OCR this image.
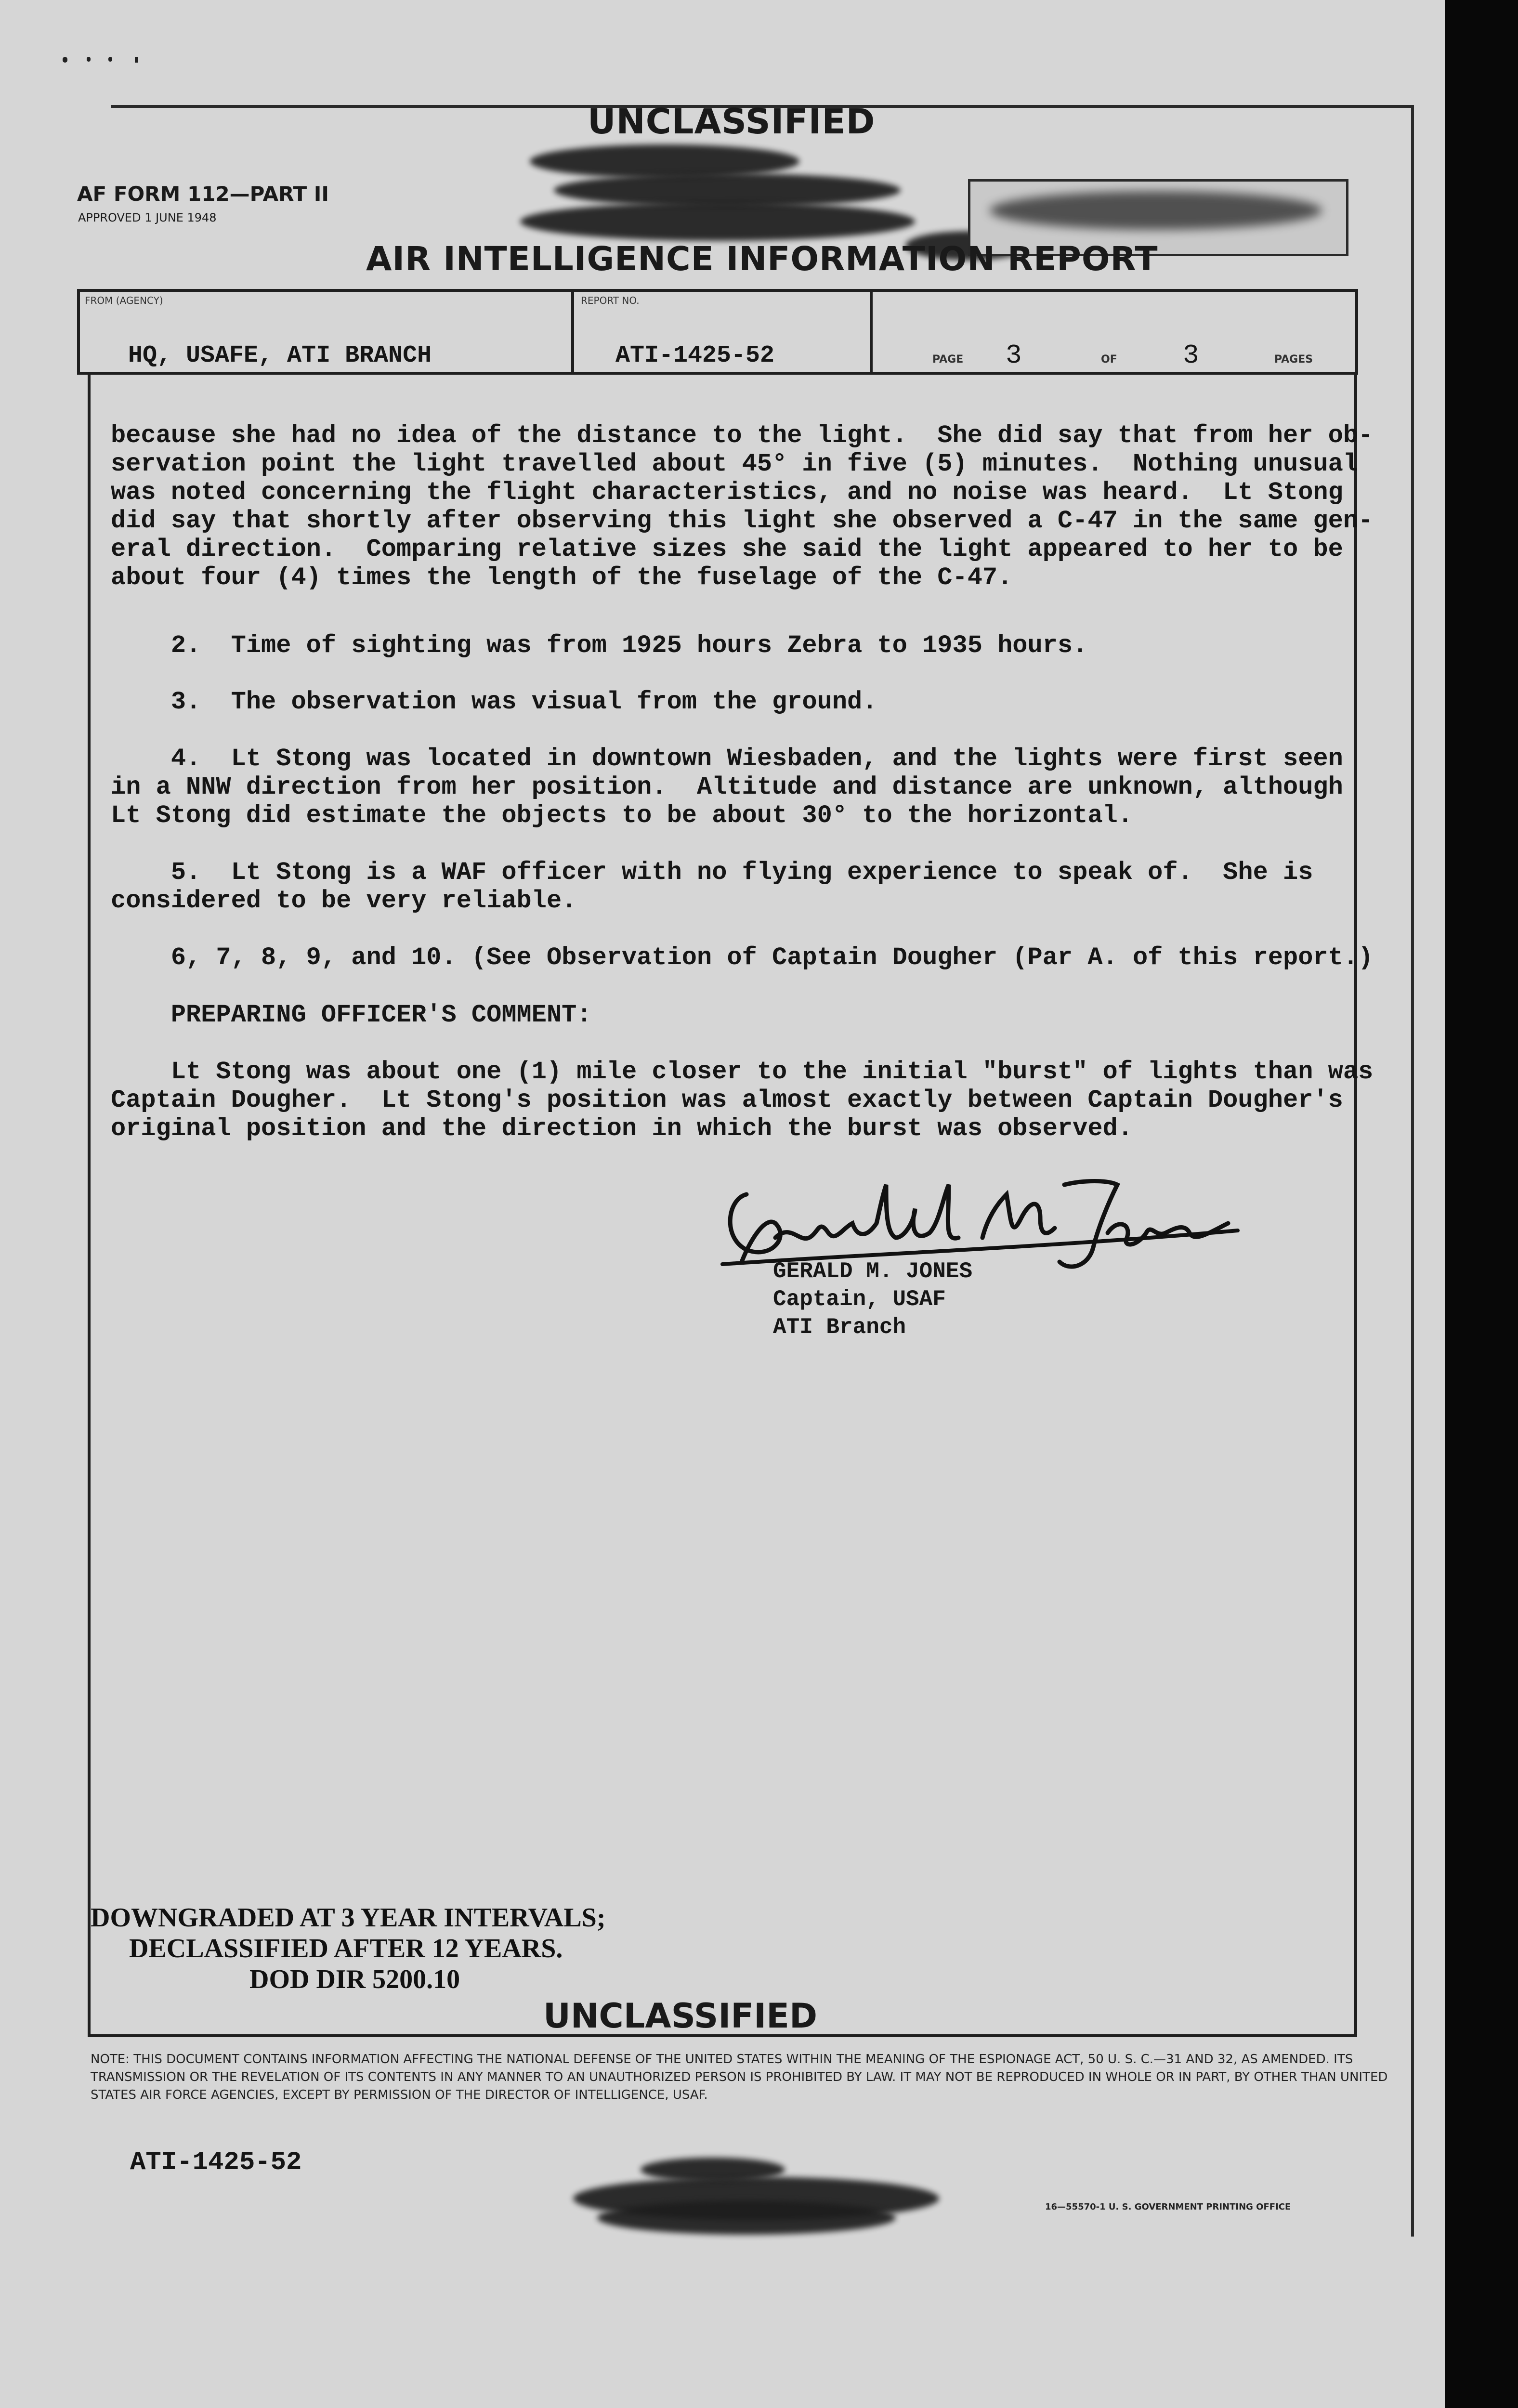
UNCLASSIFIED
AF FORM 112—PART II
APPROVED 1 JUNE 1948
AIR INTELLIGENCE INFORMATION REPORT
FROM (AGENCY)
HQ, USAFE, ATI BRANCH
REPORT NO.
ATI-1425-52	PAGE 3	OF 3	PAGES
because she had no idea of the distance to the light.  She did say that from her ob-
servation point the light travelled about 45° in five (5) minutes.  Nothing unusual
was noted concerning the flight characteristics, and no noise was heard.  Lt Stong
did say that shortly after observing this light she observed a C-47 in the same gen-
eral direction.  Comparing relative sizes she said the light appeared to her to be
about four (4) times the length of the fuselage of the C-47.
2.  Time of sighting was from 1925 hours Zebra to 1935 hours.
3.  The observation was visual from the ground.
4.  Lt Stong was located in downtown Wiesbaden, and the lights were first seen
in a NNW direction from her position.  Altitude and distance are unknown, although
Lt Stong did estimate the objects to be about 30° to the horizontal.
5.  Lt Stong is a WAF officer with no flying experience to speak of.  She is
considered to be very reliable.
6, 7, 8, 9, and 10. (See Observation of Captain Dougher (Par A. of this report.)
PREPARING OFFICER'S COMMENT:
Lt Stong was about one (1) mile closer to the initial "burst" of lights than was
Captain Dougher.  Lt Stong's position was almost exactly between Captain Dougher's
original position and the direction in which the burst was observed.
GERALD M. JONES
Captain, USAF
ATI Branch
DOWNGRADED AT 3 YEAR INTERVALS;
DECLASSIFIED AFTER 12 YEARS.
DOD DIR 5200.10
UNCLASSIFIED
NOTE: THIS DOCUMENT CONTAINS INFORMATION AFFECTING THE NATIONAL DEFENSE OF THE UNITED STATES WITHIN THE MEANING OF THE ESPIONAGE ACT, 50 U. S. C.—31 AND 32, AS AMENDED. ITS TRANSMISSION OR THE REVELATION OF ITS CONTENTS IN ANY MANNER TO AN UNAUTHORIZED PERSON IS PROHIBITED BY LAW. IT MAY NOT BE REPRODUCED IN WHOLE OR IN PART, BY OTHER THAN UNITED STATES AIR FORCE AGENCIES, EXCEPT BY PERMISSION OF THE DIRECTOR OF INTELLIGENCE, USAF.
ATI-1425-52
16—55570-1 U. S. GOVERNMENT PRINTING OFFICE
